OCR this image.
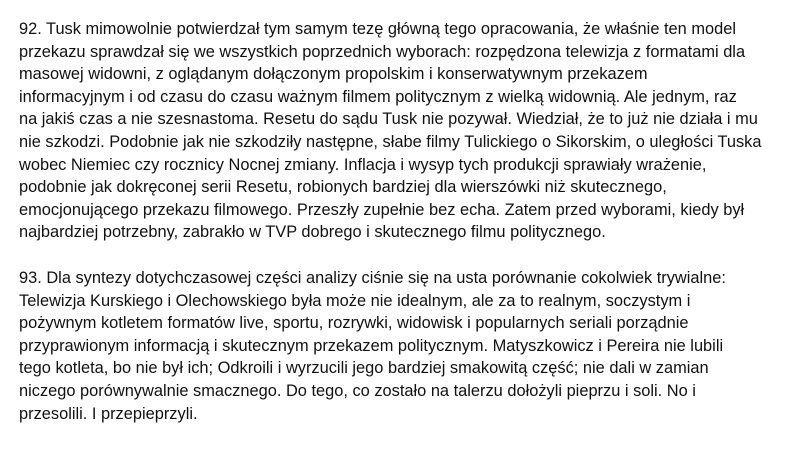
92. Tusk mimowolnie potwierdzał tym samym tezę główną tego opracowania, że właśnie ten model
przekazu sprawdzał się we wszystkich poprzednich wyborach: rozpędzona telewizja z formatami dla
masowej widowni, z oglądanym dołączonym propolskim i konserwatywnym przekazem
informacyjnym i od czasu do czasu ważnym filmem politycznym z wielką widownią. Ale jednym, raz
na jakiś czas a nie szesnastoma. Resetu do sądu Tusk nie pozywał. Wiedział, że to już nie działa i mu
nie szkodzi. Podobnie jak nie szkodziły następne, słabe filmy Tulickiego o Sikorskim, o uległości Tuska
wobec Niemiec czy rocznicy Nocnej zmiany. Inflacja i wysyp tych produkcji sprawiały wrażenie,
podobnie jak dokręconej serii Resetu, robionych bardziej dla wierszówki niż skutecznego,
emocjonującego przekazu filmowego. Przeszły zupełnie bez echa. Zatem przed wyborami, kiedy był
najbardziej potrzebny, zabrakło w TVP dobrego i skutecznego filmu politycznego.

93. Dla syntezy dotychczasowej części analizy ciśnie się na usta porównanie cokolwiek trywialne:
Telewizja Kurskiego i Olechowskiego była może nie idealnym, ale za to realnym, soczystym i
pożywnym kotletem formatów live, sportu, rozrywki, widowisk i popularnych seriali porządnie
przyprawionym informacją i skutecznym przekazem politycznym. Matyszkowicz i Pereira nie lubili
tego kotleta, bo nie był ich; Odkroili i wyrzucili jego bardziej smakowitą część; nie dali w zamian
niczego porównywalnie smacznego. Do tego, co zostało na talerzu dołożyli pieprzu i soli. No i
przesolili. I przepieprzyli.
